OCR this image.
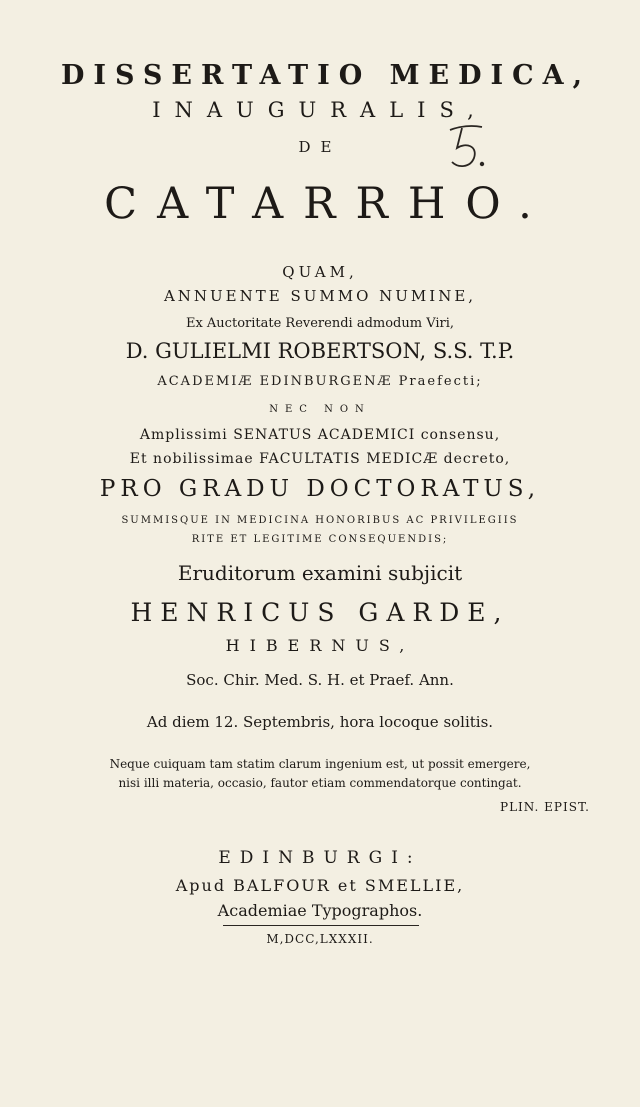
DISSERTATIO MEDICA,
INAUGURALIS,
DE
CATARRHO.
QUAM,
ANNUENTE SUMMO NUMINE,
Ex Auctoritate Reverendi admodum Viri,
D. GULIELMI ROBERTSON, S.S. T.P.
ACADEMIÆ EDINBURGENÆ Praefecti;
NEC NON
Amplissimi SENATUS ACADEMICI consensu,
Et nobilissimae FACULTATIS MEDICÆ decreto,
PRO GRADU DOCTORATUS,
SUMMISQUE IN MEDICINA HONORIBUS AC PRIVILEGIIS
RITE ET LEGITIME CONSEQUENDIS;
Eruditorum examini subjicit
HENRICUS GARDE,
HIBERNUS,
Soc. Chir. Med. S. H. et Praef. Ann.
Ad diem 12. Septembris, hora locoque solitis.
Neque cuiquam tam statim clarum ingenium est, ut possit emergere,
nisi illi materia, occasio, fautor etiam commendatorque contingat.
PLIN. EPIST.
EDINBURGI:
Apud BALFOUR et SMELLIE,
Academiae Typographos.
M,DCC,LXXXII.
